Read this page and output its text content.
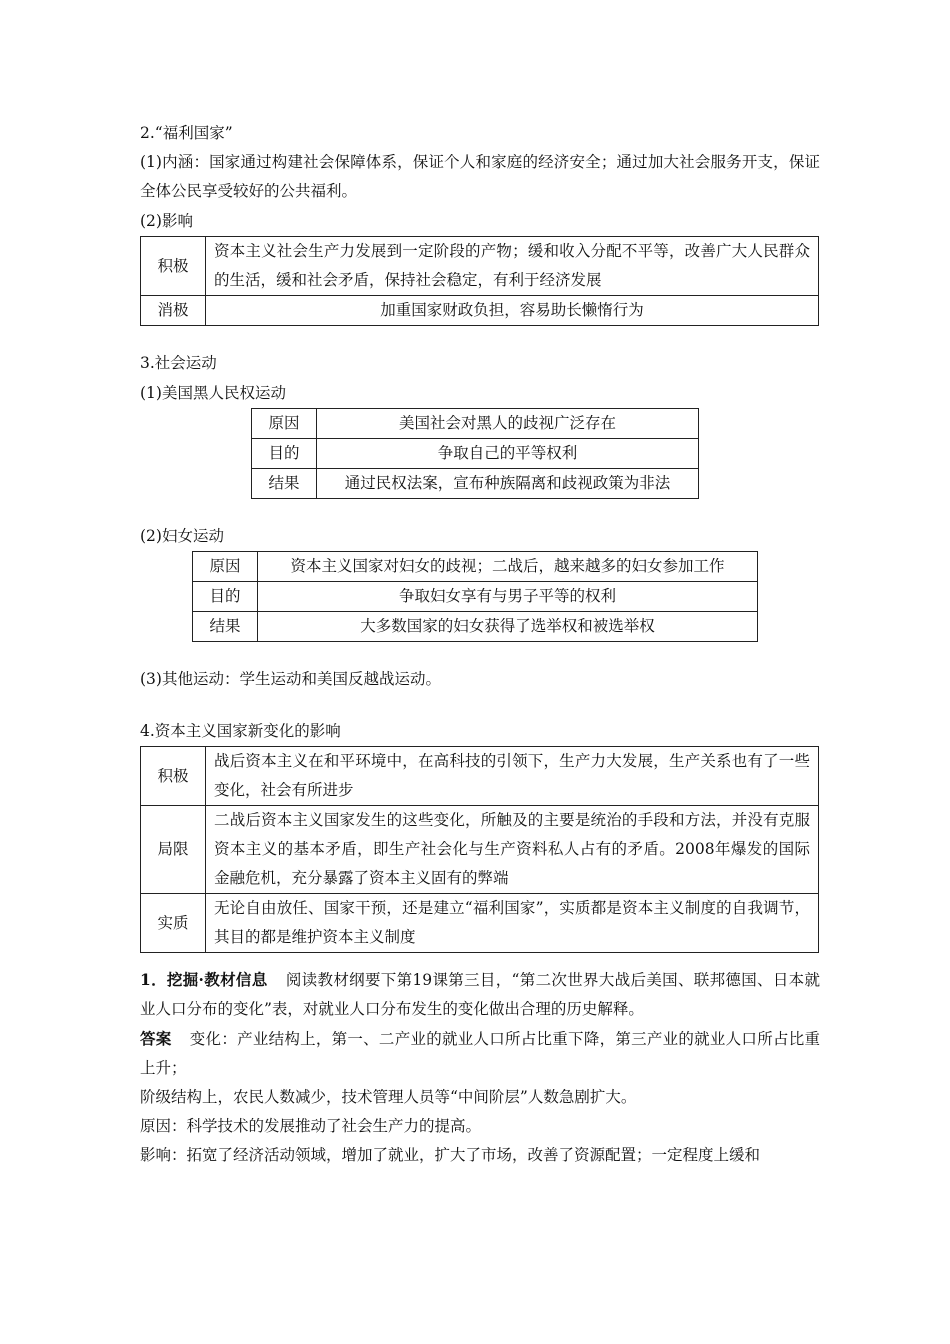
2.“福利国家”
(1)内涵：国家通过构建社会保障体系，保证个人和家庭的经济安全；通过加大社会服务开支，保证全体公民享受较好的公共福利。
(2)影响
积极	资本主义社会生产力发展到一定阶段的产物；缓和收入分配不平等，改善广大人民群众的生活，缓和社会矛盾，保持社会稳定，有利于经济发展
消极	加重国家财政负担，容易助长懒惰行为
3.社会运动
(1)美国黑人民权运动
原因	美国社会对黑人的歧视广泛存在
目的	争取自己的平等权利
结果	通过民权法案，宣布种族隔离和歧视政策为非法
(2)妇女运动
原因	资本主义国家对妇女的歧视；二战后，越来越多的妇女参加工作
目的	争取妇女享有与男子平等的权利
结果	大多数国家的妇女获得了选举权和被选举权
(3)其他运动：学生运动和美国反越战运动。
4.资本主义国家新变化的影响
积极	战后资本主义在和平环境中，在高科技的引领下，生产力大发展，生产关系也有了一些变化，社会有所进步
局限	二战后资本主义国家发生的这些变化，所触及的主要是统治的手段和方法，并没有克服资本主义的基本矛盾，即生产社会化与生产资料私人占有的矛盾。2008年爆发的国际金融危机，充分暴露了资本主义固有的弊端
实质	无论自由放任、国家干预，还是建立“福利国家”，实质都是资本主义制度的自我调节，其目的都是维护资本主义制度
1．挖掘·教材信息 阅读教材纲要下第19课第三目，“第二次世界大战后美国、联邦德国、日本就业人口分布的变化”表，对就业人口分布发生的变化做出合理的历史解释。
答案 变化：产业结构上，第一、二产业的就业人口所占比重下降，第三产业的就业人口所占比重上升；
阶级结构上，农民人数减少，技术管理人员等“中间阶层”人数急剧扩大。
原因：科学技术的发展推动了社会生产力的提高。
影响：拓宽了经济活动领域，增加了就业，扩大了市场，改善了资源配置；一定程度上缓和
